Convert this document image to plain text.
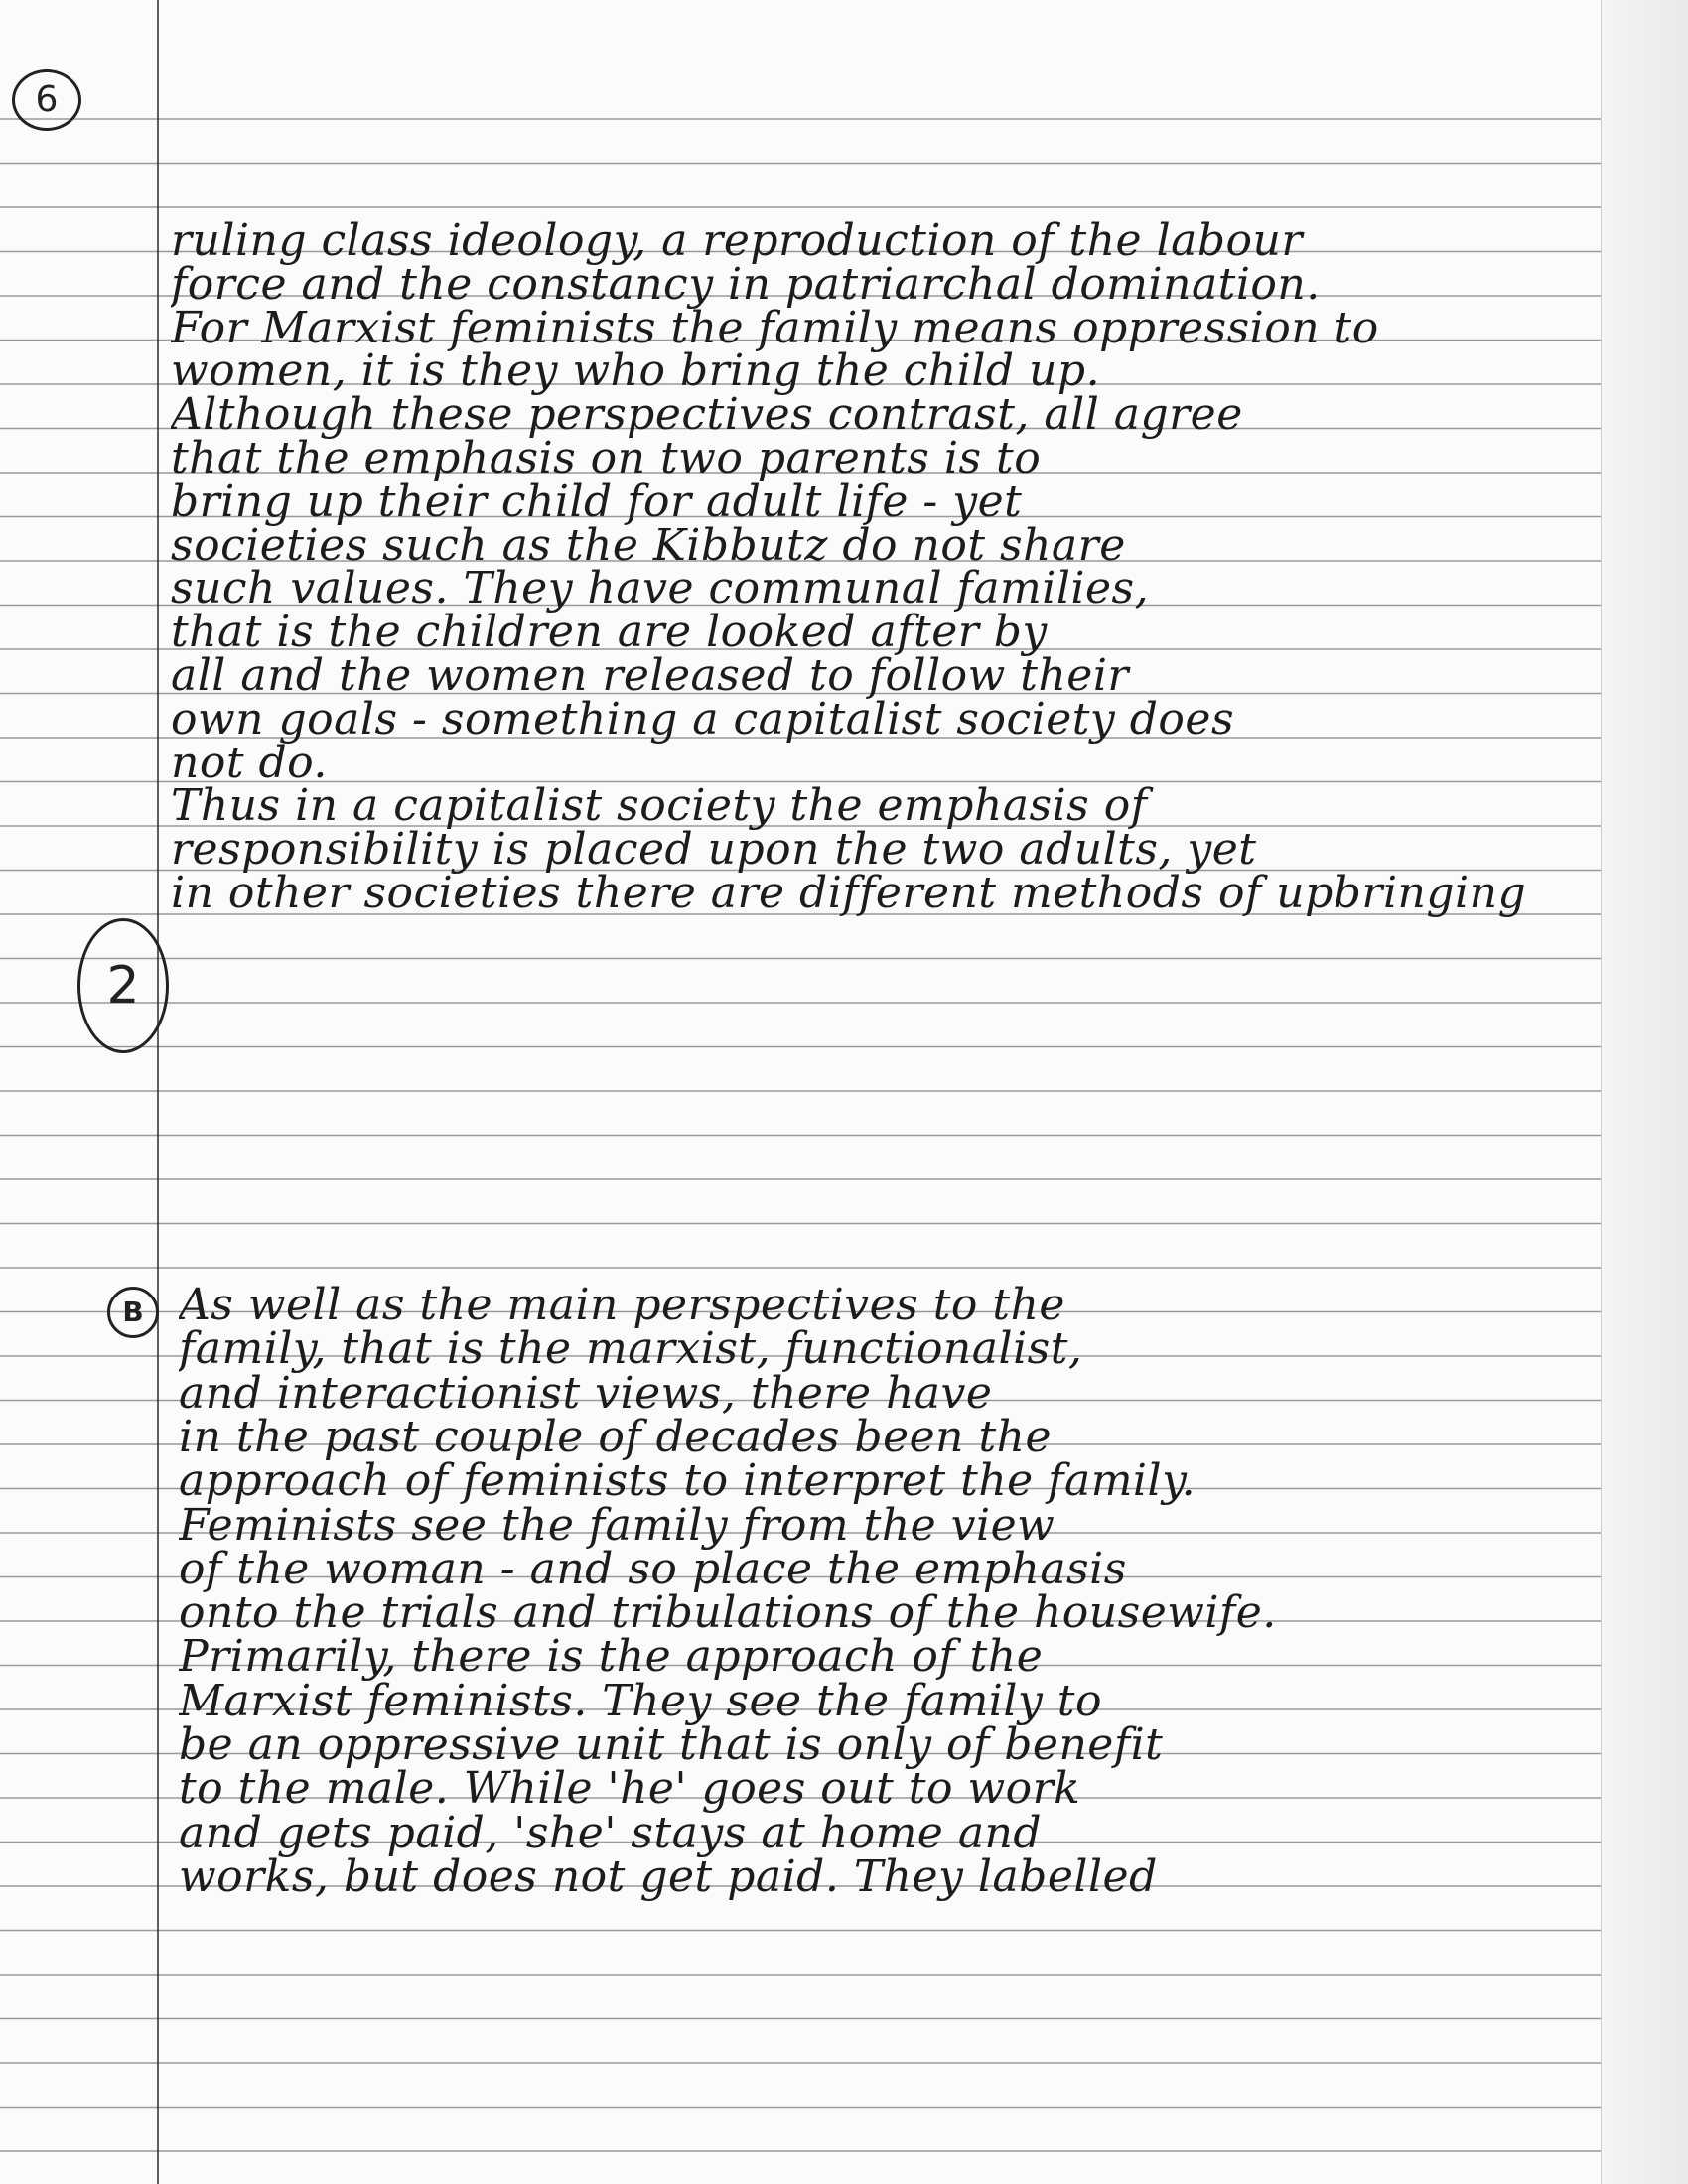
6
2
B
ruling class ideology, a reproduction of the labour
force and the constancy in patriarchal domination.
For Marxist feminists the family means oppression to
women, it is they who bring the child up.
Although these perspectives contrast, all agree
that the emphasis on two parents is to
bring up their child for adult life - yet
societies such as the Kibbutz do not share
such values. They have communal families,
that is the children are looked after by
all and the women released to follow their
own goals - something a capitalist society does
not do.
Thus in a capitalist society the emphasis of
responsibility is placed upon the two adults, yet
in other societies there are different methods of upbringing
As well as the main perspectives to the
family, that is the marxist, functionalist,
and interactionist views, there have
in the past couple of decades been the
approach of feminists to interpret the family.
Feminists see the family from the view
of the woman - and so place the emphasis
onto the trials and tribulations of the housewife.
Primarily, there is the approach of the
Marxist feminists. They see the family to
be an oppressive unit that is only of benefit
to the male. While 'he' goes out to work
and gets paid, 'she' stays at home and
works, but does not get paid. They labelled
